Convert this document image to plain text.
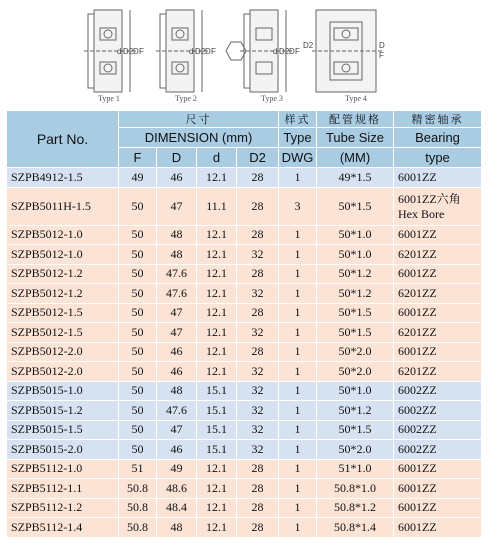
d D2 D F	d D2 D F	d D2 D F
D2	D
F
Type 1	Type 2	Type 3	Type 4
Part No.	尺寸				样式	配管规格	精密轴承
	DIMENSION (mm)				Type	Tube Size	Bearing
	F	D	d	D2	DWG	(MM)	type
SZPB4912-1.5	49	46	12.1	28	1	49*1.5	6001ZZ
SZPB5011H-1.5	50	47	11.1	28	3	50*1.5	6001ZZ六角
Hex Bore

SZPB5012-1.0	50	48	12.1	28	1	50*1.0	6001ZZ
SZPB5012-1.0	50	48	12.1	32	1	50*1.0	6201ZZ
SZPB5012-1.2	50	47.6	12.1	28	1	50*1.2	6001ZZ
SZPB5012-1.2	50	47.6	12.1	32	1	50*1.2	6201ZZ
SZPB5012-1.5	50	47	12.1	28	1	50*1.5	6001ZZ
SZPB5012-1.5	50	47	12.1	32	1	50*1.5	6201ZZ
SZPB5012-2.0	50	46	12.1	28	1	50*2.0	6001ZZ
SZPB5012-2.0	50	46	12.1	32	1	50*2.0	6201ZZ
SZPB5015-1.0	50	48	15.1	32	1	50*1.0	6002ZZ
SZPB5015-1.2	50	47.6	15.1	32	1	50*1.2	6002ZZ
SZPB5015-1.5	50	47	15.1	32	1	50*1.5	6002ZZ
SZPB5015-2.0	50	46	15.1	32	1	50*2.0	6002ZZ
SZPB5112-1.0	51	49	12.1	28	1	51*1.0	6001ZZ
SZPB5112-1.1	50.8	48.6	12.1	28	1	50.8*1.0	6001ZZ
SZPB5112-1.2	50.8	48.4	12.1	28	1	50.8*1.2	6001ZZ
SZPB5112-1.4	50.8	48	12.1	28	1	50.8*1.4	6001ZZ
